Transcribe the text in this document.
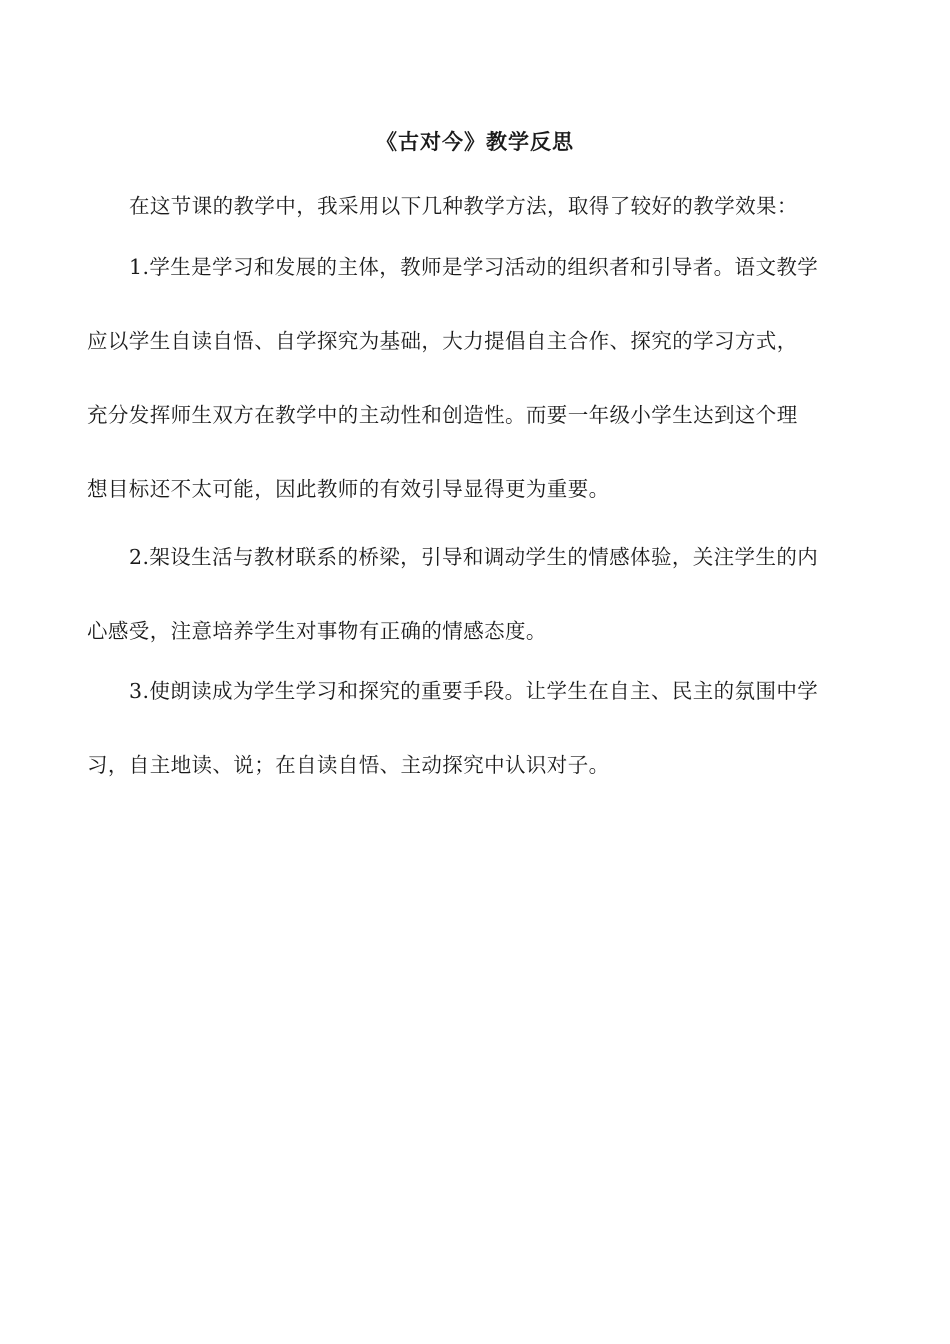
《古对今》教学反思
在这节课的教学中，我采用以下几种教学方法，取得了较好的教学效果：
1.学生是学习和发展的主体，教师是学习活动的组织者和引导者。语文教学
应以学生自读自悟、自学探究为基础，大力提倡自主合作、探究的学习方式，
充分发挥师生双方在教学中的主动性和创造性。而要一年级小学生达到这个理
想目标还不太可能，因此教师的有效引导显得更为重要。
2.架设生活与教材联系的桥梁，引导和调动学生的情感体验，关注学生的内
心感受，注意培养学生对事物有正确的情感态度。
3.使朗读成为学生学习和探究的重要手段。让学生在自主、民主的氛围中学
习，自主地读、说；在自读自悟、主动探究中认识对子。
